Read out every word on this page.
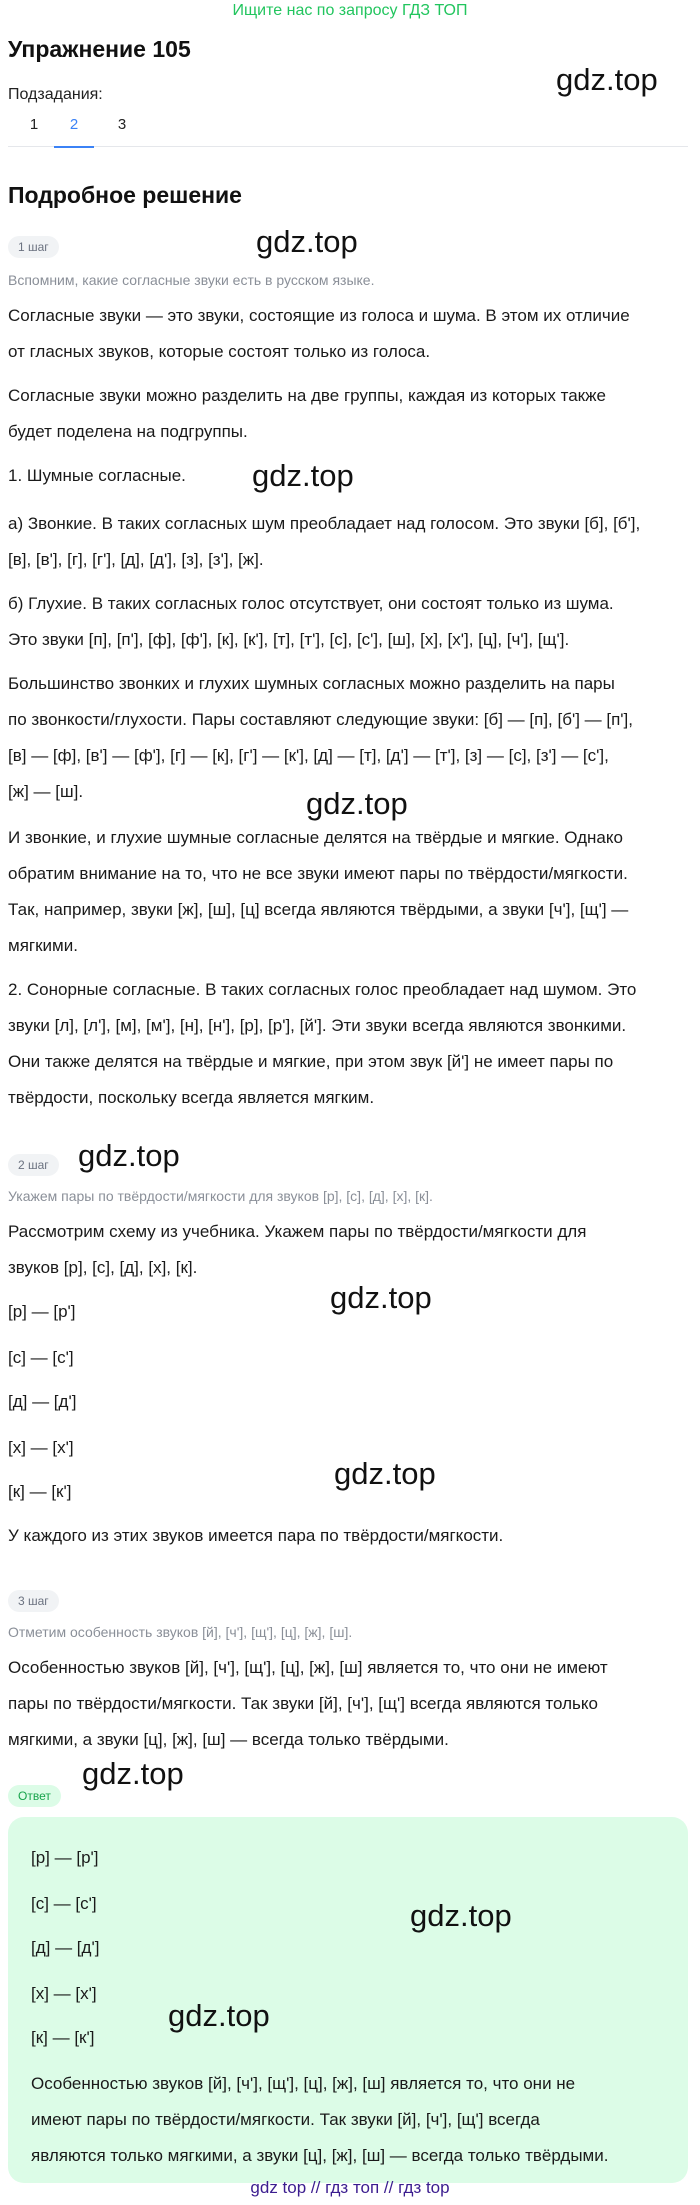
Ищите нас по запросу ГДЗ ТОП
Упражнение 105
gdz.top
Подзадания:
1	2	3
Подробное решение
1 шаг	gdz.top
Вспомним, какие согласные звуки есть в русском языке.
Согласные звуки — это звуки, состоящие из голоса и шума. В этом их отличие
от гласных звуков, которые состоят только из голоса.
Согласные звуки можно разделить на две группы, каждая из которых также
будет поделена на подгруппы.
1. Шумные согласные.	gdz.top
а) Звонкие. В таких согласных шум преобладает над голосом. Это звуки [б], [б'],
[в], [в'], [г], [г'], [д], [д'], [з], [з'], [ж].
б) Глухие. В таких согласных голос отсутствует, они состоят только из шума.
Это звуки [п], [п'], [ф], [ф'], [к], [к'], [т], [т'], [с], [с'], [ш], [х], [х'], [ц], [ч'], [щ'].
Большинство звонких и глухих шумных согласных можно разделить на пары
по звонкости/глухости. Пары составляют следующие звуки: [б] — [п], [б'] — [п'],
[в] — [ф], [в'] — [ф'], [г] — [к], [г'] — [к'], [д] — [т], [д'] — [т'], [з] — [с], [з'] — [с'],
[ж] — [ш].	gdz.top
И звонкие, и глухие шумные согласные делятся на твёрдые и мягкие. Однако
обратим внимание на то, что не все звуки имеют пары по твёрдости/мягкости.
Так, например, звуки [ж], [ш], [ц] всегда являются твёрдыми, а звуки [ч'], [щ'] —
мягкими.
2. Сонорные согласные. В таких согласных голос преобладает над шумом. Это
звуки [л], [л'], [м], [м'], [н], [н'], [р], [р'], [й']. Эти звуки всегда являются звонкими.
Они также делятся на твёрдые и мягкие, при этом звук [й'] не имеет пары по
твёрдости, поскольку всегда является мягким.
2 шаг gdz.top
Укажем пары по твёрдости/мягкости для звуков [р], [с], [д], [х], [к].
Рассмотрим схему из учебника. Укажем пары по твёрдости/мягкости для
звуков [р], [с], [д], [х], [к].
gdz.top
[р] — [р']
[с] — [с']
[д] — [д']
[х] — [х']
gdz.top
[к] — [к']
У каждого из этих звуков имеется пара по твёрдости/мягкости.
3 шаг
Отметим особенность звуков [й], [ч'], [щ'], [ц], [ж], [ш].
Особенностью звуков [й], [ч'], [щ'], [ц], [ж], [ш] является то, что они не имеют
пары по твёрдости/мягкости. Так звуки [й], [ч'], [щ'] всегда являются только
мягкими, а звуки [ц], [ж], [ш] — всегда только твёрдыми.
Ответ
gdz.top
[р] — [р']
[с] — [с']	gdz.top
[д] — [д']
[х] — [х']
gdz.top
[к] — [к']
Особенностью звуков [й], [ч'], [щ'], [ц], [ж], [ш] является то, что они не
имеют пары по твёрдости/мягкости. Так звуки [й], [ч'], [щ'] всегда
являются только мягкими, а звуки [ц], [ж], [ш] — всегда только твёрдыми.
gdz top // гдз топ // гдз top
